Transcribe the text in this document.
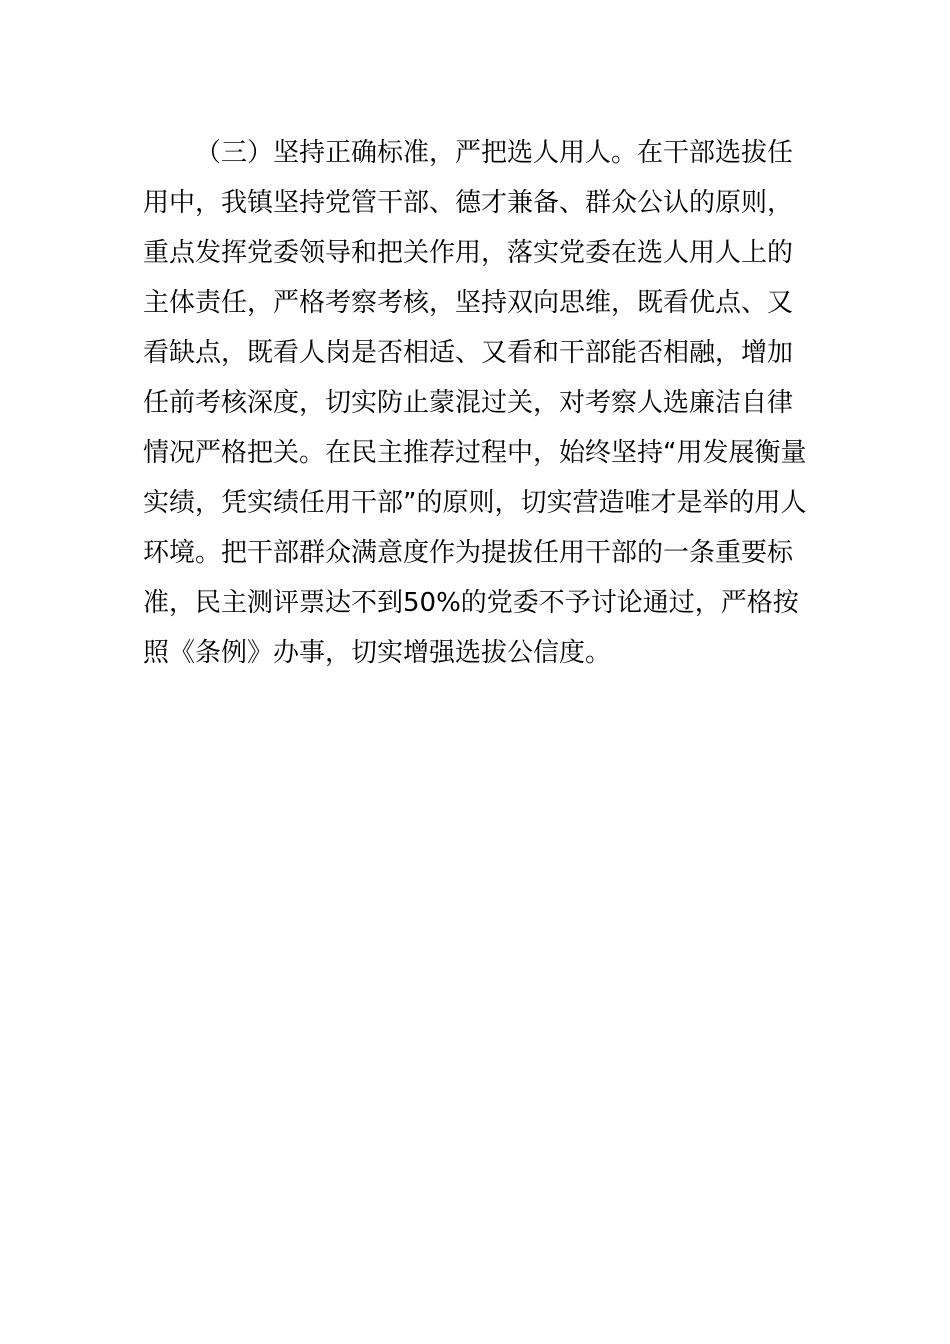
（三）坚持正确标准，严把选人用人。在干部选拔任
用中，我镇坚持党管干部、德才兼备、群众公认的原则，
重点发挥党委领导和把关作用，落实党委在选人用人上的
主体责任，严格考察考核，坚持双向思维，既看优点、又
看缺点，既看人岗是否相适、又看和干部能否相融，增加
任前考核深度，切实防止蒙混过关，对考察人选廉洁自律
情况严格把关。在民主推荐过程中，始终坚持“用发展衡量
实绩，凭实绩任用干部”的原则，切实营造唯才是举的用人
环境。把干部群众满意度作为提拔任用干部的一条重要标
准，民主测评票达不到50%的党委不予讨论通过，严格按
照《条例》办事，切实增强选拔公信度。
